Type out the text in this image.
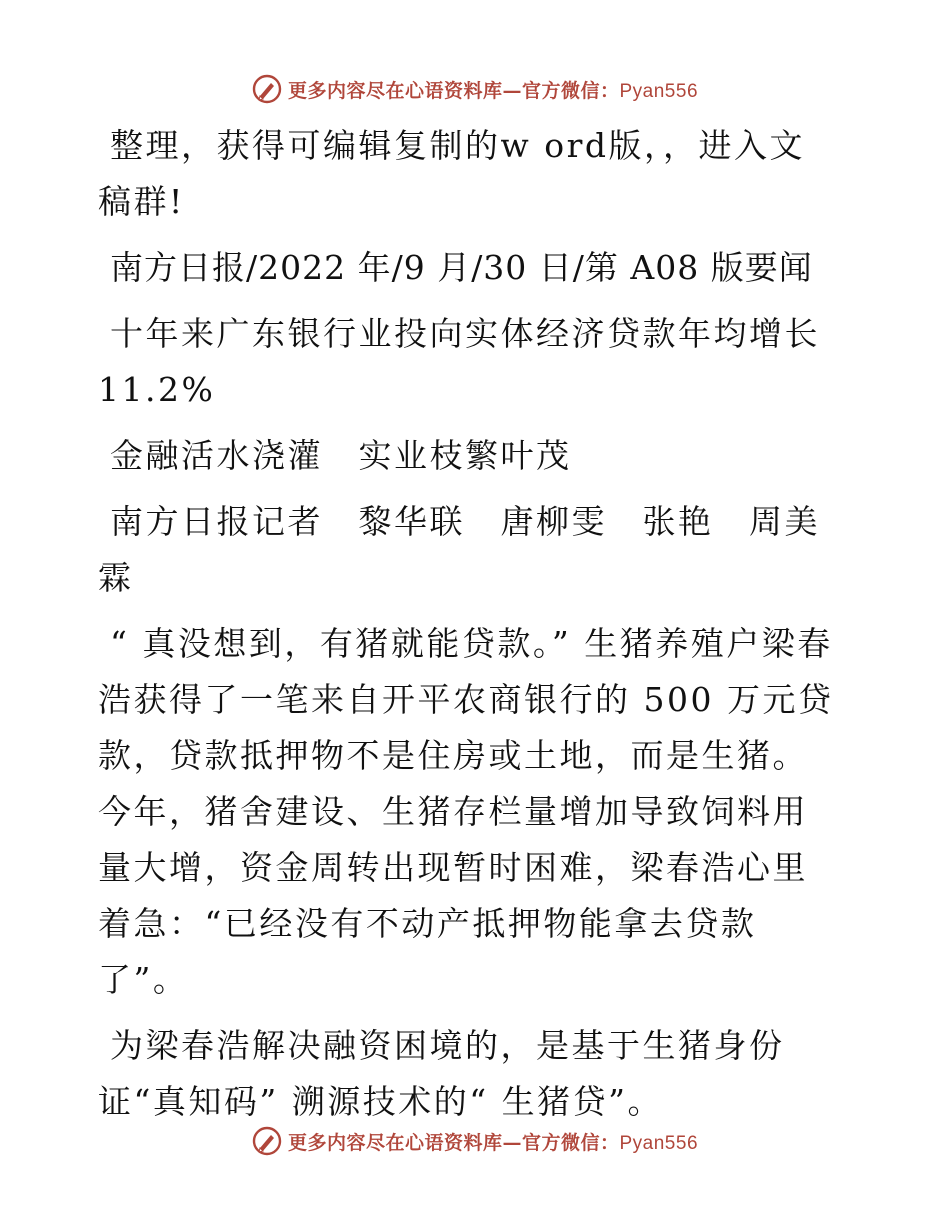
更多内容尽在心语资料库—官方微信：Pyan556

整理，获得可编辑复制的w ord版，，进入文稿群!

南方日报/2022 年/9 月/30 日/第 A08 版要闻

十年来广东银行业投向实体经济贷款年均增长11.2%

金融活水浇灌　实业枝繁叶茂

南方日报记者　黎华联　唐柳雯　张艳　周美霖

“ 真没想到，有猪就能贷款。” 生猪养殖户梁春浩获得了一笔来自开平农商银行的 500 万元贷款，贷款抵押物不是住房或土地，而是生猪。今年，猪舍建设、生猪存栏量增加导致饲料用量大增，资金周转出现暂时困难，梁春浩心里着急：“已经没有不动产抵押物能拿去贷款了”。

为梁春浩解决融资困境的，是基于生猪身份证“真知码” 溯源技术的“ 生猪贷”。

更多内容尽在心语资料库—官方微信：Pyan556
